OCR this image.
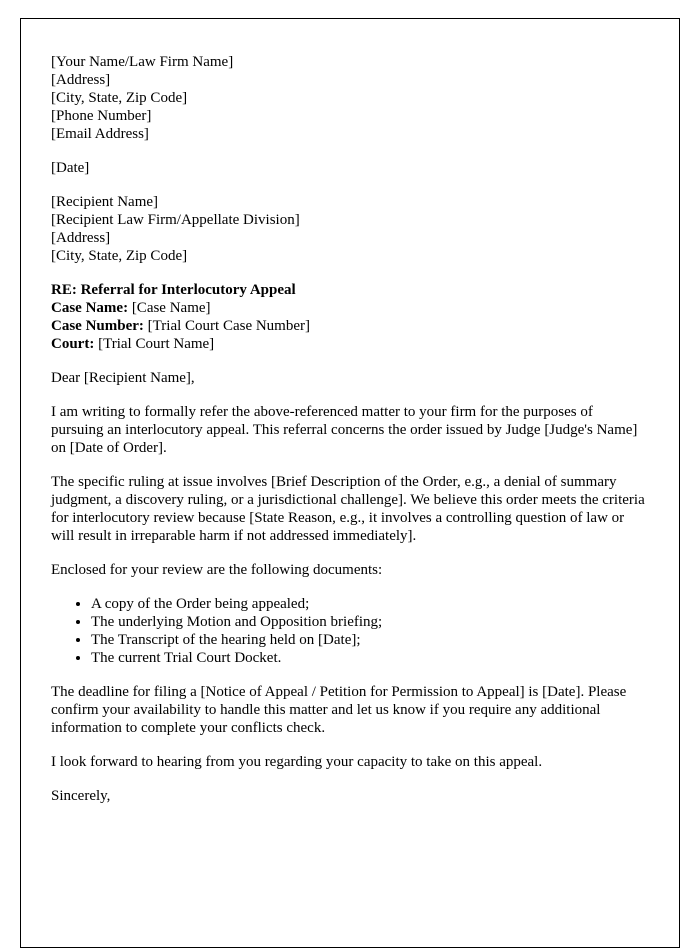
[Your Name/Law Firm Name]
[Address]
[City, State, Zip Code]
[Phone Number]
[Email Address]
[Date]
[Recipient Name]
[Recipient Law Firm/Appellate Division]
[Address]
[City, State, Zip Code]
RE: Referral for Interlocutory Appeal
Case Name: [Case Name]
Case Number: [Trial Court Case Number]
Court: [Trial Court Name]

Dear [Recipient Name],

I am writing to formally refer the above-referenced matter to your firm for the purposes of pursuing an interlocutory appeal. This referral concerns the order issued by Judge [Judge's Name] on [Date of Order].

The specific ruling at issue involves [Brief Description of the Order, e.g., a denial of summary judgment, a discovery ruling, or a jurisdictional challenge]. We believe this order meets the criteria for interlocutory review because [State Reason, e.g., it involves a controlling question of law or will result in irreparable harm if not addressed immediately].

Enclosed for your review are the following documents:

• A copy of the Order being appealed;
• The underlying Motion and Opposition briefing;
• The Transcript of the hearing held on [Date];
• The current Trial Court Docket.

The deadline for filing a [Notice of Appeal / Petition for Permission to Appeal] is [Date]. Please confirm your availability to handle this matter and let us know if you require any additional information to complete your conflicts check.

I look forward to hearing from you regarding your capacity to take on this appeal.

Sincerely,
